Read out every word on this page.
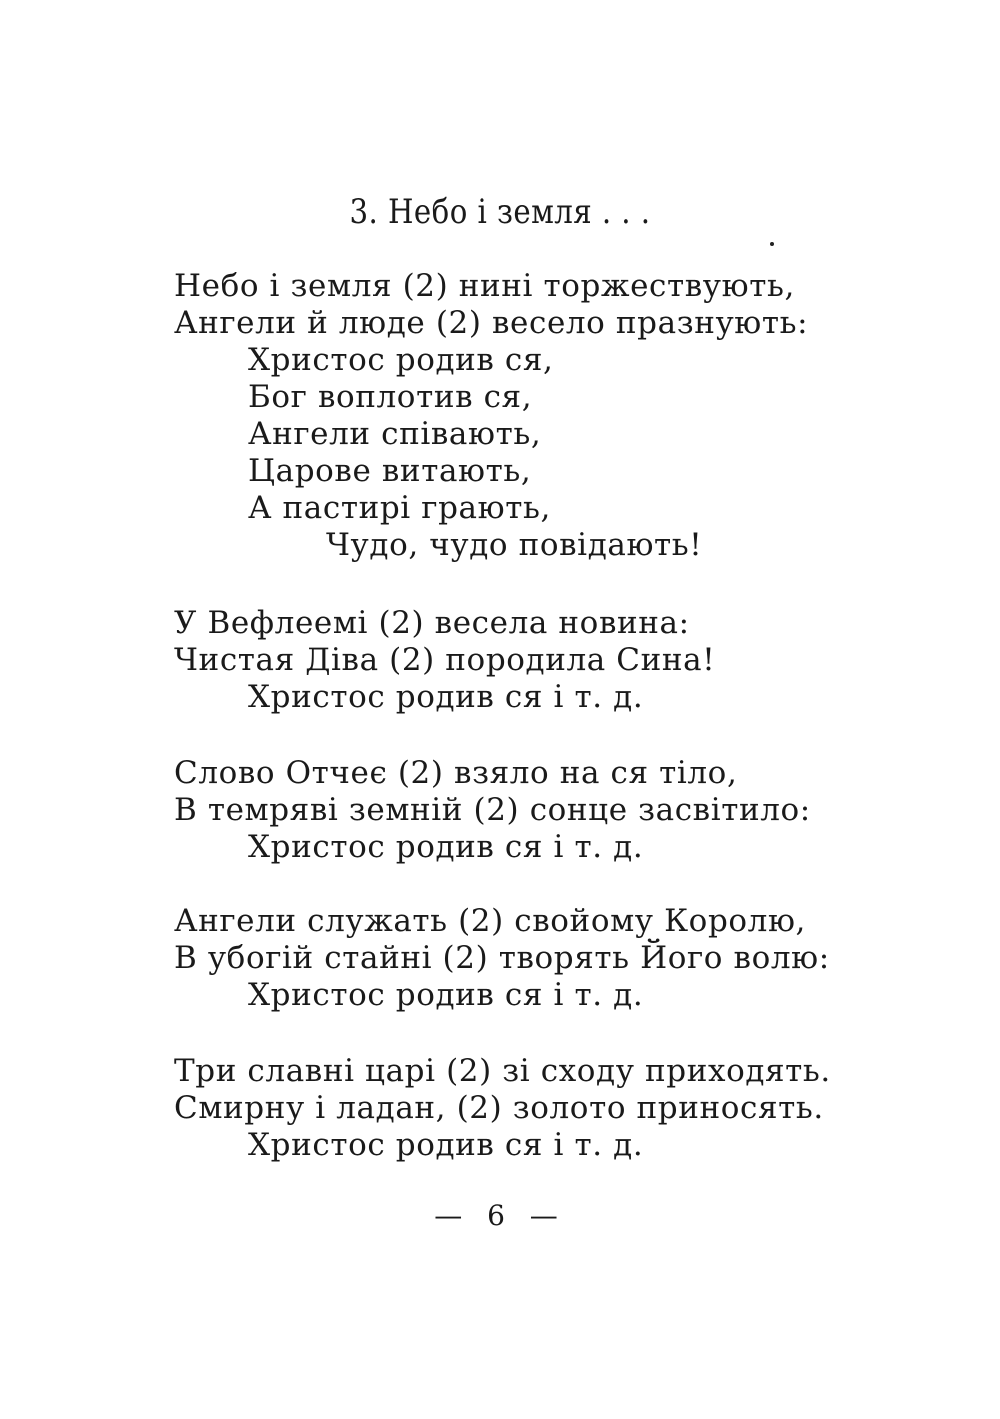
3. Небо і земля . . .
Небо і земля (2) нині торжествують,
Ангели й люде (2) весело празнують:
Христос родив ся,
Бог воплотив ся,
Ангели співають,
Царове витають,
А пастирі грають,
Чудо, чудо повідають!
У Вефлеемі (2) весела новина:
Чистая Діва (2) породила Сина!
Христос родив ся і т. д.
Слово Отчеє (2) взяло на ся тіло,
В темряві земній (2) сонце засвітило:
Христос родив ся і т. д.
Ангели служать (2) свойому Королю,
В убогій стайні (2) творять Його волю:
Христос родив ся і т. д.
Три славні царі (2) зі сходу приходять.
Смирну і ладан, (2) золото приносять.
Христос родив ся і т. д.
— 6 —
